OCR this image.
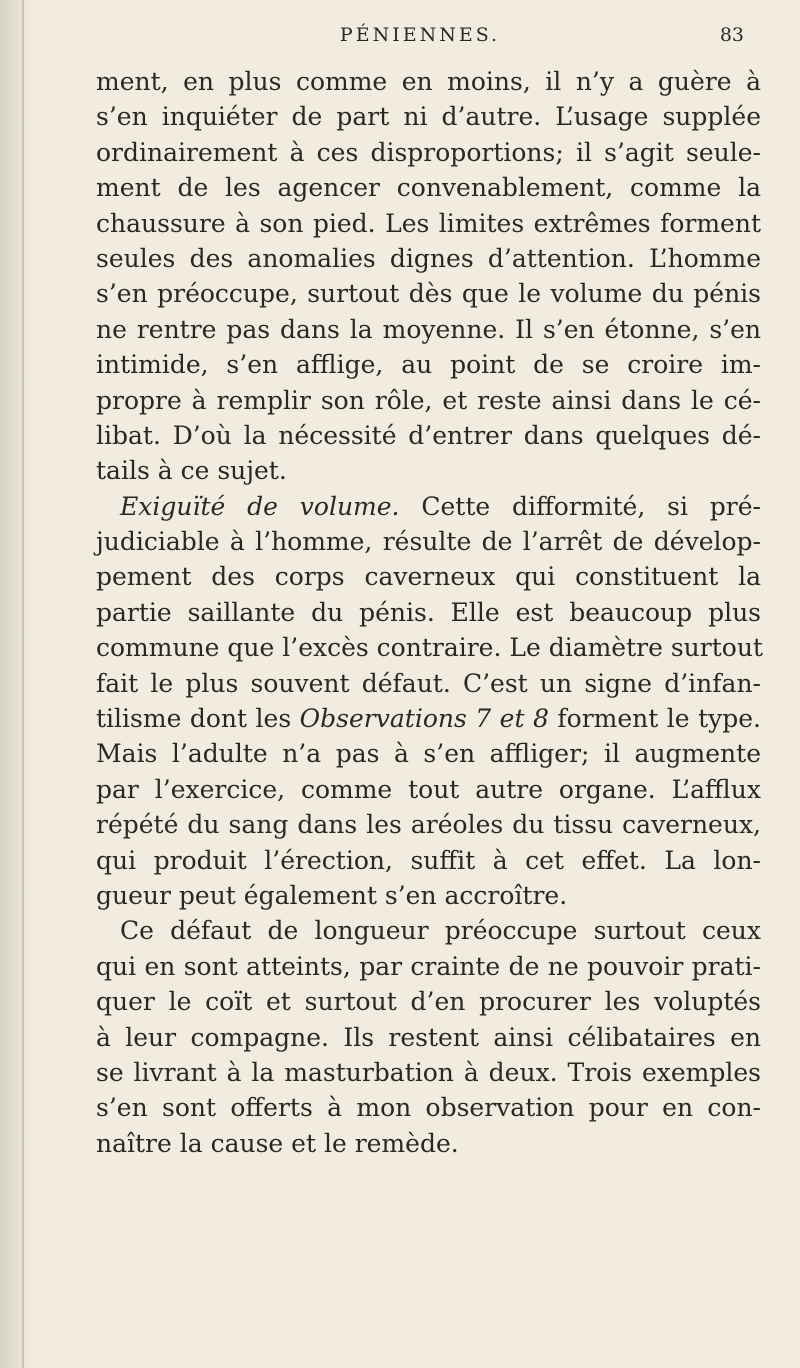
PÉNIENNES.	83
ment, en plus comme en moins, il n’y a guère à
s’en inquiéter de part ni d’autre. L’usage supplée
ordinairement à ces disproportions; il s’agit seule-
ment de les agencer convenablement, comme la
chaussure à son pied. Les limites extrêmes forment
seules des anomalies dignes d’attention. L’homme
s’en préoccupe, surtout dès que le volume du pénis
ne rentre pas dans la moyenne. Il s’en étonne, s’en
intimide, s’en afflige, au point de se croire im-
propre à remplir son rôle, et reste ainsi dans le cé-
libat. D’où la nécessité d’entrer dans quelques dé-
tails à ce sujet.
Exiguïté de volume. Cette difformité, si pré-
judiciable à l’homme, résulte de l’arrêt de dévelop-
pement des corps caverneux qui constituent la
partie saillante du pénis. Elle est beaucoup plus
commune que l’excès contraire. Le diamètre surtout
fait le plus souvent défaut. C’est un signe d’infan-
tilisme dont les Observations 7 et 8 forment le type.
Mais l’adulte n’a pas à s’en affliger; il augmente
par l’exercice, comme tout autre organe. L’afflux
répété du sang dans les aréoles du tissu caverneux,
qui produit l’érection, suffit à cet effet. La lon-
gueur peut également s’en accroître.
Ce défaut de longueur préoccupe surtout ceux
qui en sont atteints, par crainte de ne pouvoir prati-
quer le coït et surtout d’en procurer les voluptés
à leur compagne. Ils restent ainsi célibataires en
se livrant à la masturbation à deux. Trois exemples
s’en sont offerts à mon observation pour en con-
naître la cause et le remède.
